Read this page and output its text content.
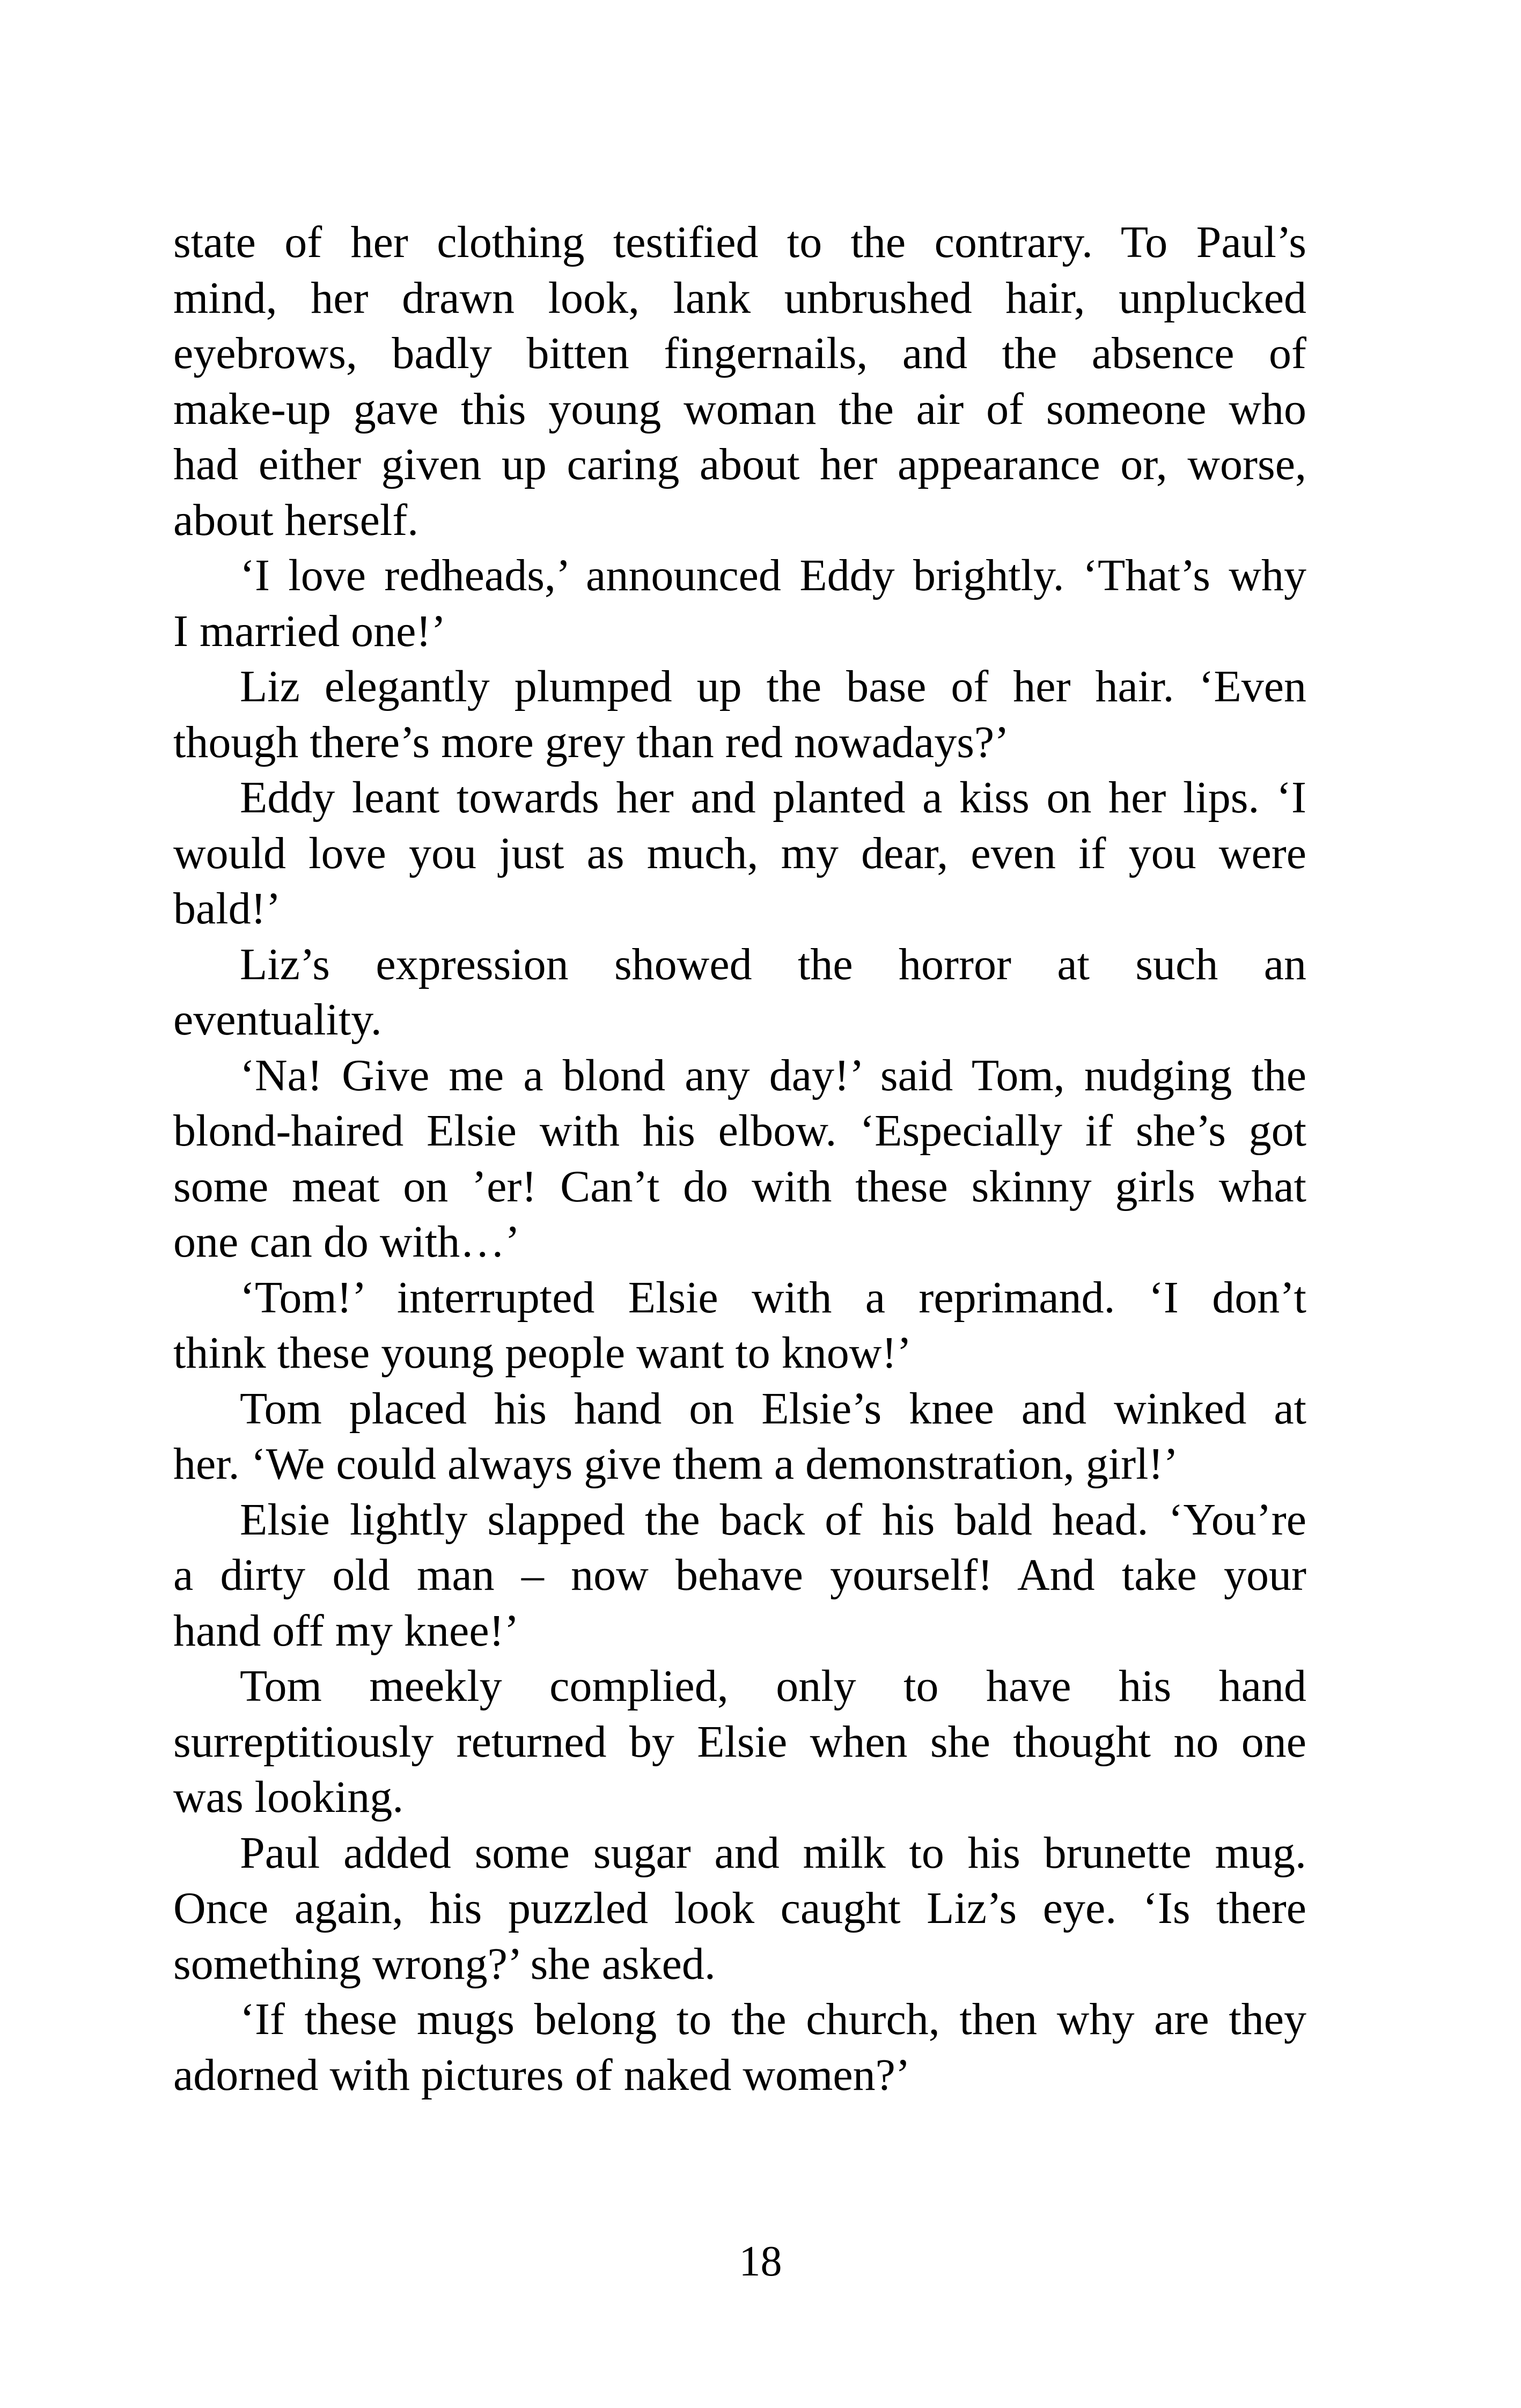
state of her clothing testified to the contrary. To Paul’s
mind, her drawn look, lank unbrushed hair, unplucked
eyebrows, badly bitten fingernails, and the absence of
make-up gave this young woman the air of someone who
had either given up caring about her appearance or, worse,
about herself.

‘I love redheads,’ announced Eddy brightly. ‘That’s why
I married one!’

Liz elegantly plumped up the base of her hair. ‘Even
though there’s more grey than red nowadays?’

Eddy leant towards her and planted a kiss on her lips. ‘I
would love you just as much, my dear, even if you were
bald!’

Liz’s expression showed the horror at such an
eventuality.

‘Na! Give me a blond any day!’ said Tom, nudging the
blond-haired Elsie with his elbow. ‘Especially if she’s got
some meat on ’er! Can’t do with these skinny girls what
one can do with…’

‘Tom!’ interrupted Elsie with a reprimand. ‘I don’t
think these young people want to know!’

Tom placed his hand on Elsie’s knee and winked at
her. ‘We could always give them a demonstration, girl!’

Elsie lightly slapped the back of his bald head. ‘You’re
a dirty old man – now behave yourself! And take your
hand off my knee!’

Tom meekly complied, only to have his hand
surreptitiously returned by Elsie when she thought no one
was looking.

Paul added some sugar and milk to his brunette mug.
Once again, his puzzled look caught Liz’s eye. ‘Is there
something wrong?’ she asked.

‘If these mugs belong to the church, then why are they
adorned with pictures of naked women?’

18
